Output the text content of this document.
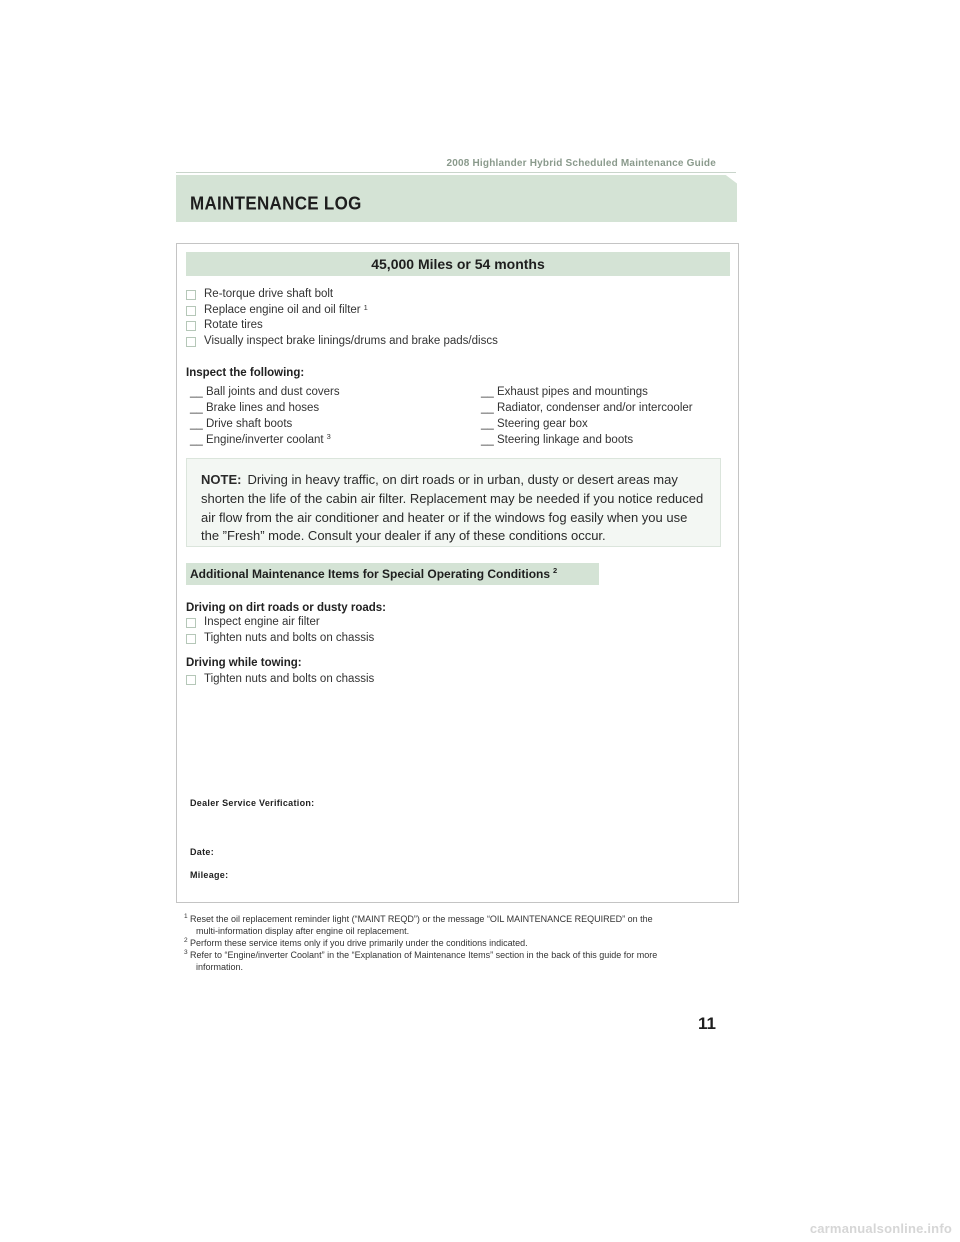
2008 Highlander Hybrid Scheduled Maintenance Guide
MAINTENANCE LOG
45,000 Miles or 54 months
Re-torque drive shaft bolt
Replace engine oil and oil filter $^1$
Rotate tires
Visually inspect brake linings/drums and brake pads/discs
Inspect the following:
__ Ball joints and dust covers
__ Brake lines and hoses
__ Drive shaft boots
__ Engine/inverter coolant $^3$
__ Exhaust pipes and mountings
__ Radiator, condenser and/or intercooler
__ Steering gear box
__ Steering linkage and boots
NOTE: Driving in heavy traffic, on dirt roads or in urban, dusty or desert areas may shorten the life of the cabin air filter. Replacement may be needed if you notice reduced air flow from the air conditioner and heater or if the windows fog easily when you use the ”Fresh” mode. Consult your dealer if any of these conditions occur.
Additional Maintenance Items for Special Operating Conditions $^2$
Driving on dirt roads or dusty roads:
Inspect engine air filter
Tighten nuts and bolts on chassis
Driving while towing:
Tighten nuts and bolts on chassis
Dealer Service Verification:
Date:
Mileage:
1 Reset the oil replacement reminder light (“MAINT REQD”) or the message “OIL MAINTENANCE REQUIRED” on the
multi-information display after engine oil replacement.
2 Perform these service items only if you drive primarily under the conditions indicated.
3 Refer to “Engine/inverter Coolant” in the “Explanation of Maintenance Items” section in the back of this guide for more
information.
11
carmanualsonline.info
